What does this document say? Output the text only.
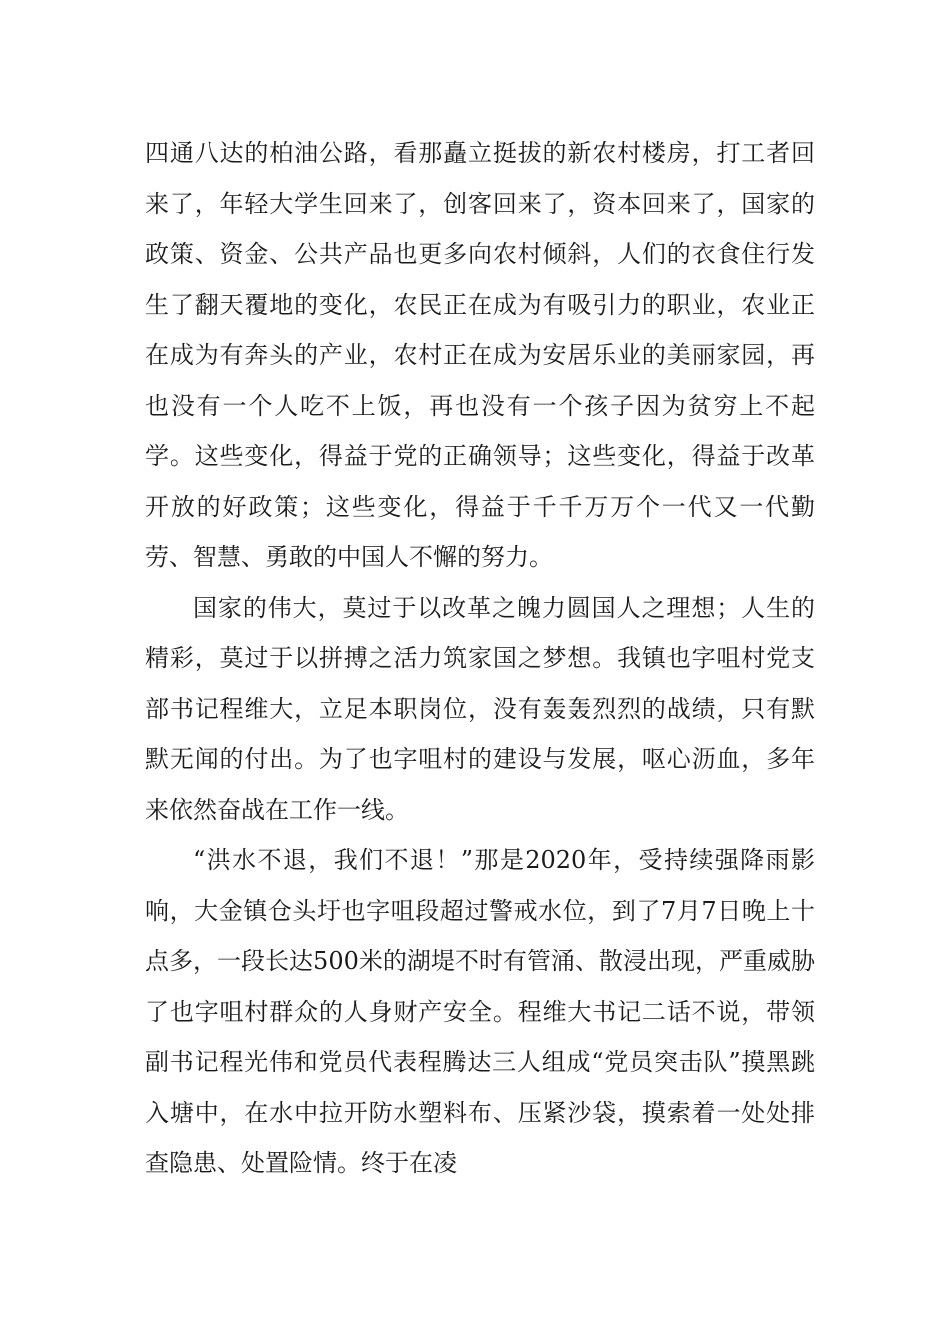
四通八达的柏油公路，看那矗立挺拔的新农村楼房，打工者回来了，年轻大学生回来了，创客回来了，资本回来了，国家的政策、资金、公共产品也更多向农村倾斜，人们的衣食住行发生了翻天覆地的变化，农民正在成为有吸引力的职业，农业正在成为有奔头的产业，农村正在成为安居乐业的美丽家园，再也没有一个人吃不上饭，再也没有一个孩子因为贫穷上不起学。这些变化，得益于党的正确领导；这些变化，得益于改革开放的好政策；这些变化，得益于千千万万个一代又一代勤劳、智慧、勇敢的中国人不懈的努力。

国家的伟大，莫过于以改革之魄力圆国人之理想；人生的精彩，莫过于以拼搏之活力筑家国之梦想。我镇也字咀村党支部书记程维大，立足本职岗位，没有轰轰烈烈的战绩，只有默默无闻的付出。为了也字咀村的建设与发展，呕心沥血，多年来依然奋战在工作一线。

“洪水不退，我们不退！”那是2020年，受持续强降雨影响，大金镇仓头圩也字咀段超过警戒水位，到了7月7日晚上十点多，一段长达500米的湖堤不时有管涌、散浸出现，严重威胁了也字咀村群众的人身财产安全。程维大书记二话不说，带领副书记程光伟和党员代表程腾达三人组成“党员突击队”摸黑跳入塘中，在水中拉开防水塑料布、压紧沙袋，摸索着一处处排查隐患、处置险情。终于在凌
